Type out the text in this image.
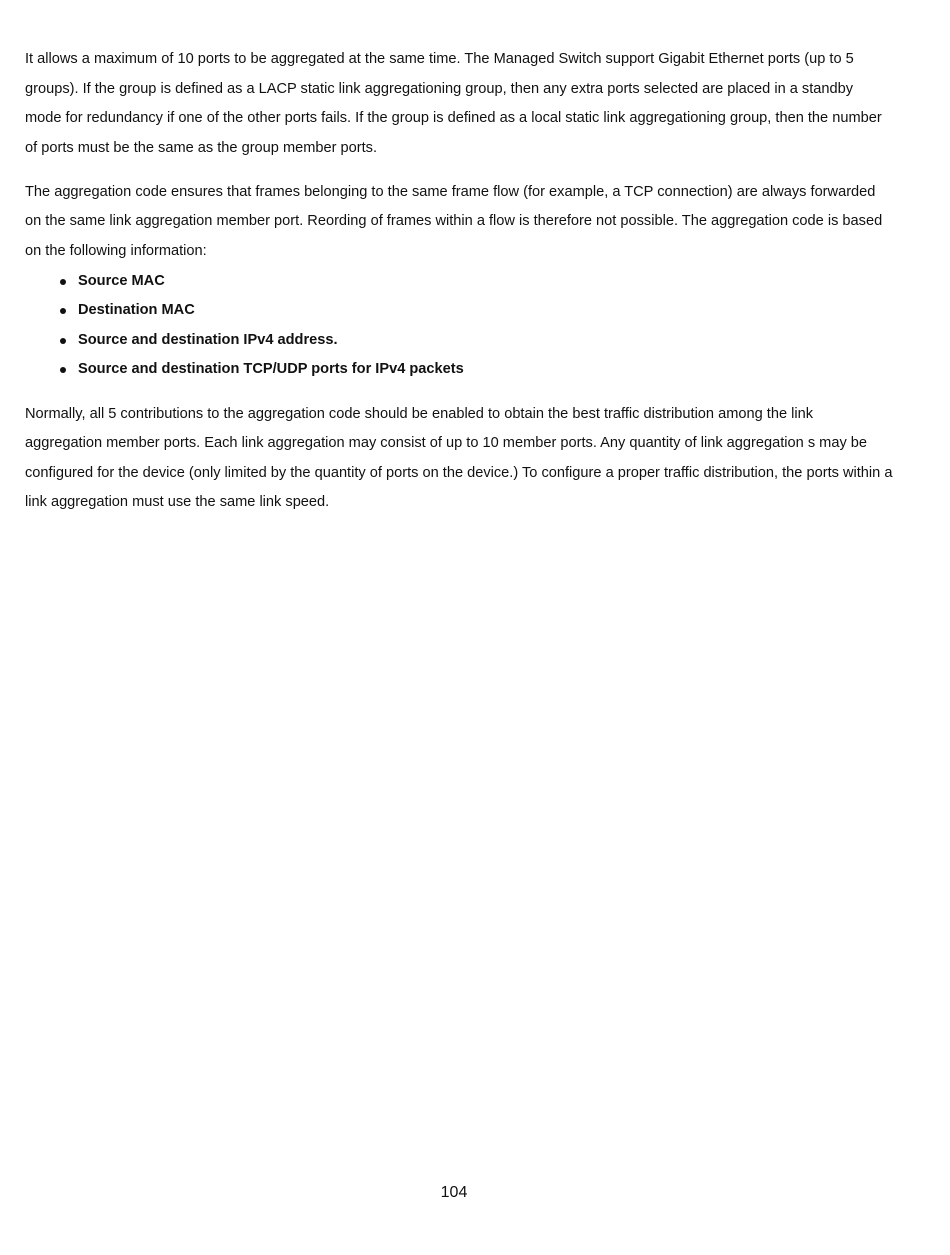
It allows a maximum of 10 ports to be aggregated at the same time. The Managed Switch support Gigabit Ethernet ports (up to 5 groups). If the group is defined as a LACP static link aggregationing group, then any extra ports selected are placed in a standby mode for redundancy if one of the other ports fails. If the group is defined as a local static link aggregationing group, then the number of ports must be the same as the group member ports.

The aggregation code ensures that frames belonging to the same frame flow (for example, a TCP connection) are always forwarded on the same link aggregation member port. Reording of frames within a flow is therefore not possible. The aggregation code is based on the following information:

Source MAC
Destination MAC
Source and destination IPv4 address.
Source and destination TCP/UDP ports for IPv4 packets

Normally, all 5 contributions to the aggregation code should be enabled to obtain the best traffic distribution among the link aggregation member ports. Each link aggregation may consist of up to 10 member ports. Any quantity of link aggregation s may be configured for the device (only limited by the quantity of ports on the device.) To configure a proper traffic distribution, the ports within a link aggregation must use the same link speed.

104
